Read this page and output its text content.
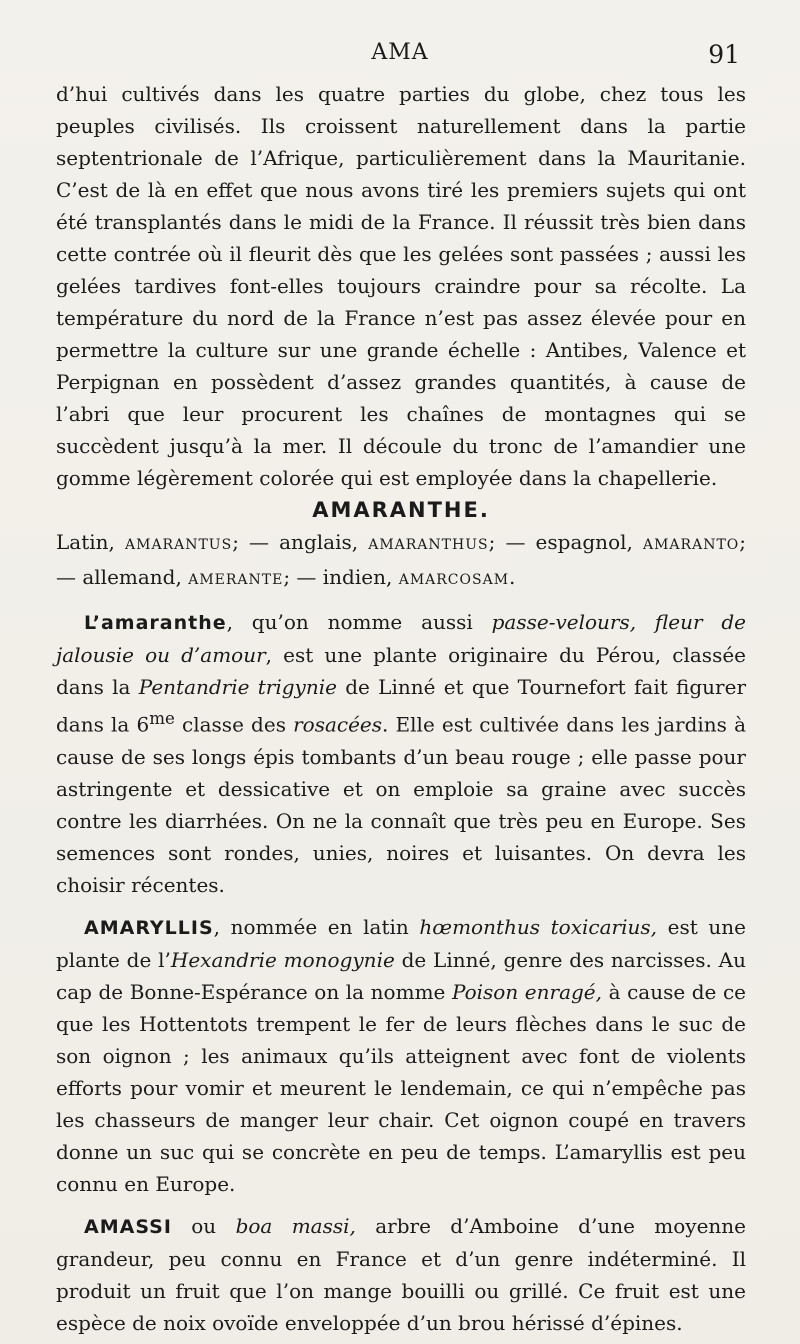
AMA	91

d’hui cultivés dans les quatre parties du globe, chez tous les peuples civilisés. Ils croissent naturellement dans la partie septentrionale de l’Afrique, particulièrement dans la Mauritanie. C’est de là en effet que nous avons tiré les premiers sujets qui ont été transplantés dans le midi de la France. Il réussit très bien dans cette contrée où il fleurit dès que les gelées sont passées ; aussi les gelées tardives font-elles toujours craindre pour sa récolte. La température du nord de la France n’est pas assez élevée pour en permettre la culture sur une grande échelle : Antibes, Valence et Perpignan en possèdent d’assez grandes quantités, à cause de l’abri que leur procurent les chaînes de montagnes qui se succèdent jusqu’à la mer. Il découle du tronc de l’amandier une gomme légèrement colorée qui est employée dans la chapellerie.

AMARANTHE.

Latin, AMARANTUS; — anglais, AMARANTHUS; — espagnol, AMARANTO; — allemand, AMERANTE; — indien, AMARCOSAM.

L’amaranthe, qu’on nomme aussi passe-velours, fleur de jalousie ou d’amour, est une plante originaire du Pérou, classée dans la Pentandrie trigynie de Linné et que Tournefort fait figurer dans la $6^{me}$ classe des rosacées. Elle est cultivée dans les jardins à cause de ses longs épis tombants d’un beau rouge ; elle passe pour astringente et dessicative et on emploie sa graine avec succès contre les diarrhées. On ne la connaît que très peu en Europe. Ses semences sont rondes, unies, noires et luisantes. On devra les choisir récentes.

AMARYLLIS, nommée en latin hœmonthus toxicarius, est une plante de l’Hexandrie monogynie de Linné, genre des narcisses. Au cap de Bonne-Espérance on la nomme Poison enragé, à cause de ce que les Hottentots trempent le fer de leurs flèches dans le suc de son oignon ; les animaux qu’ils atteignent avec font de violents efforts pour vomir et meurent le lendemain, ce qui n’empêche pas les chasseurs de manger leur chair. Cet oignon coupé en travers donne un suc qui se concrète en peu de temps. L’amaryllis est peu connu en Europe.

AMASSI ou boa massi, arbre d’Amboine d’une moyenne grandeur, peu connu en France et d’un genre indéterminé. Il produit un fruit que l’on mange bouilli ou grillé. Ce fruit est une espèce de noix ovoïde enveloppée d’un brou hérissé d’épines.
